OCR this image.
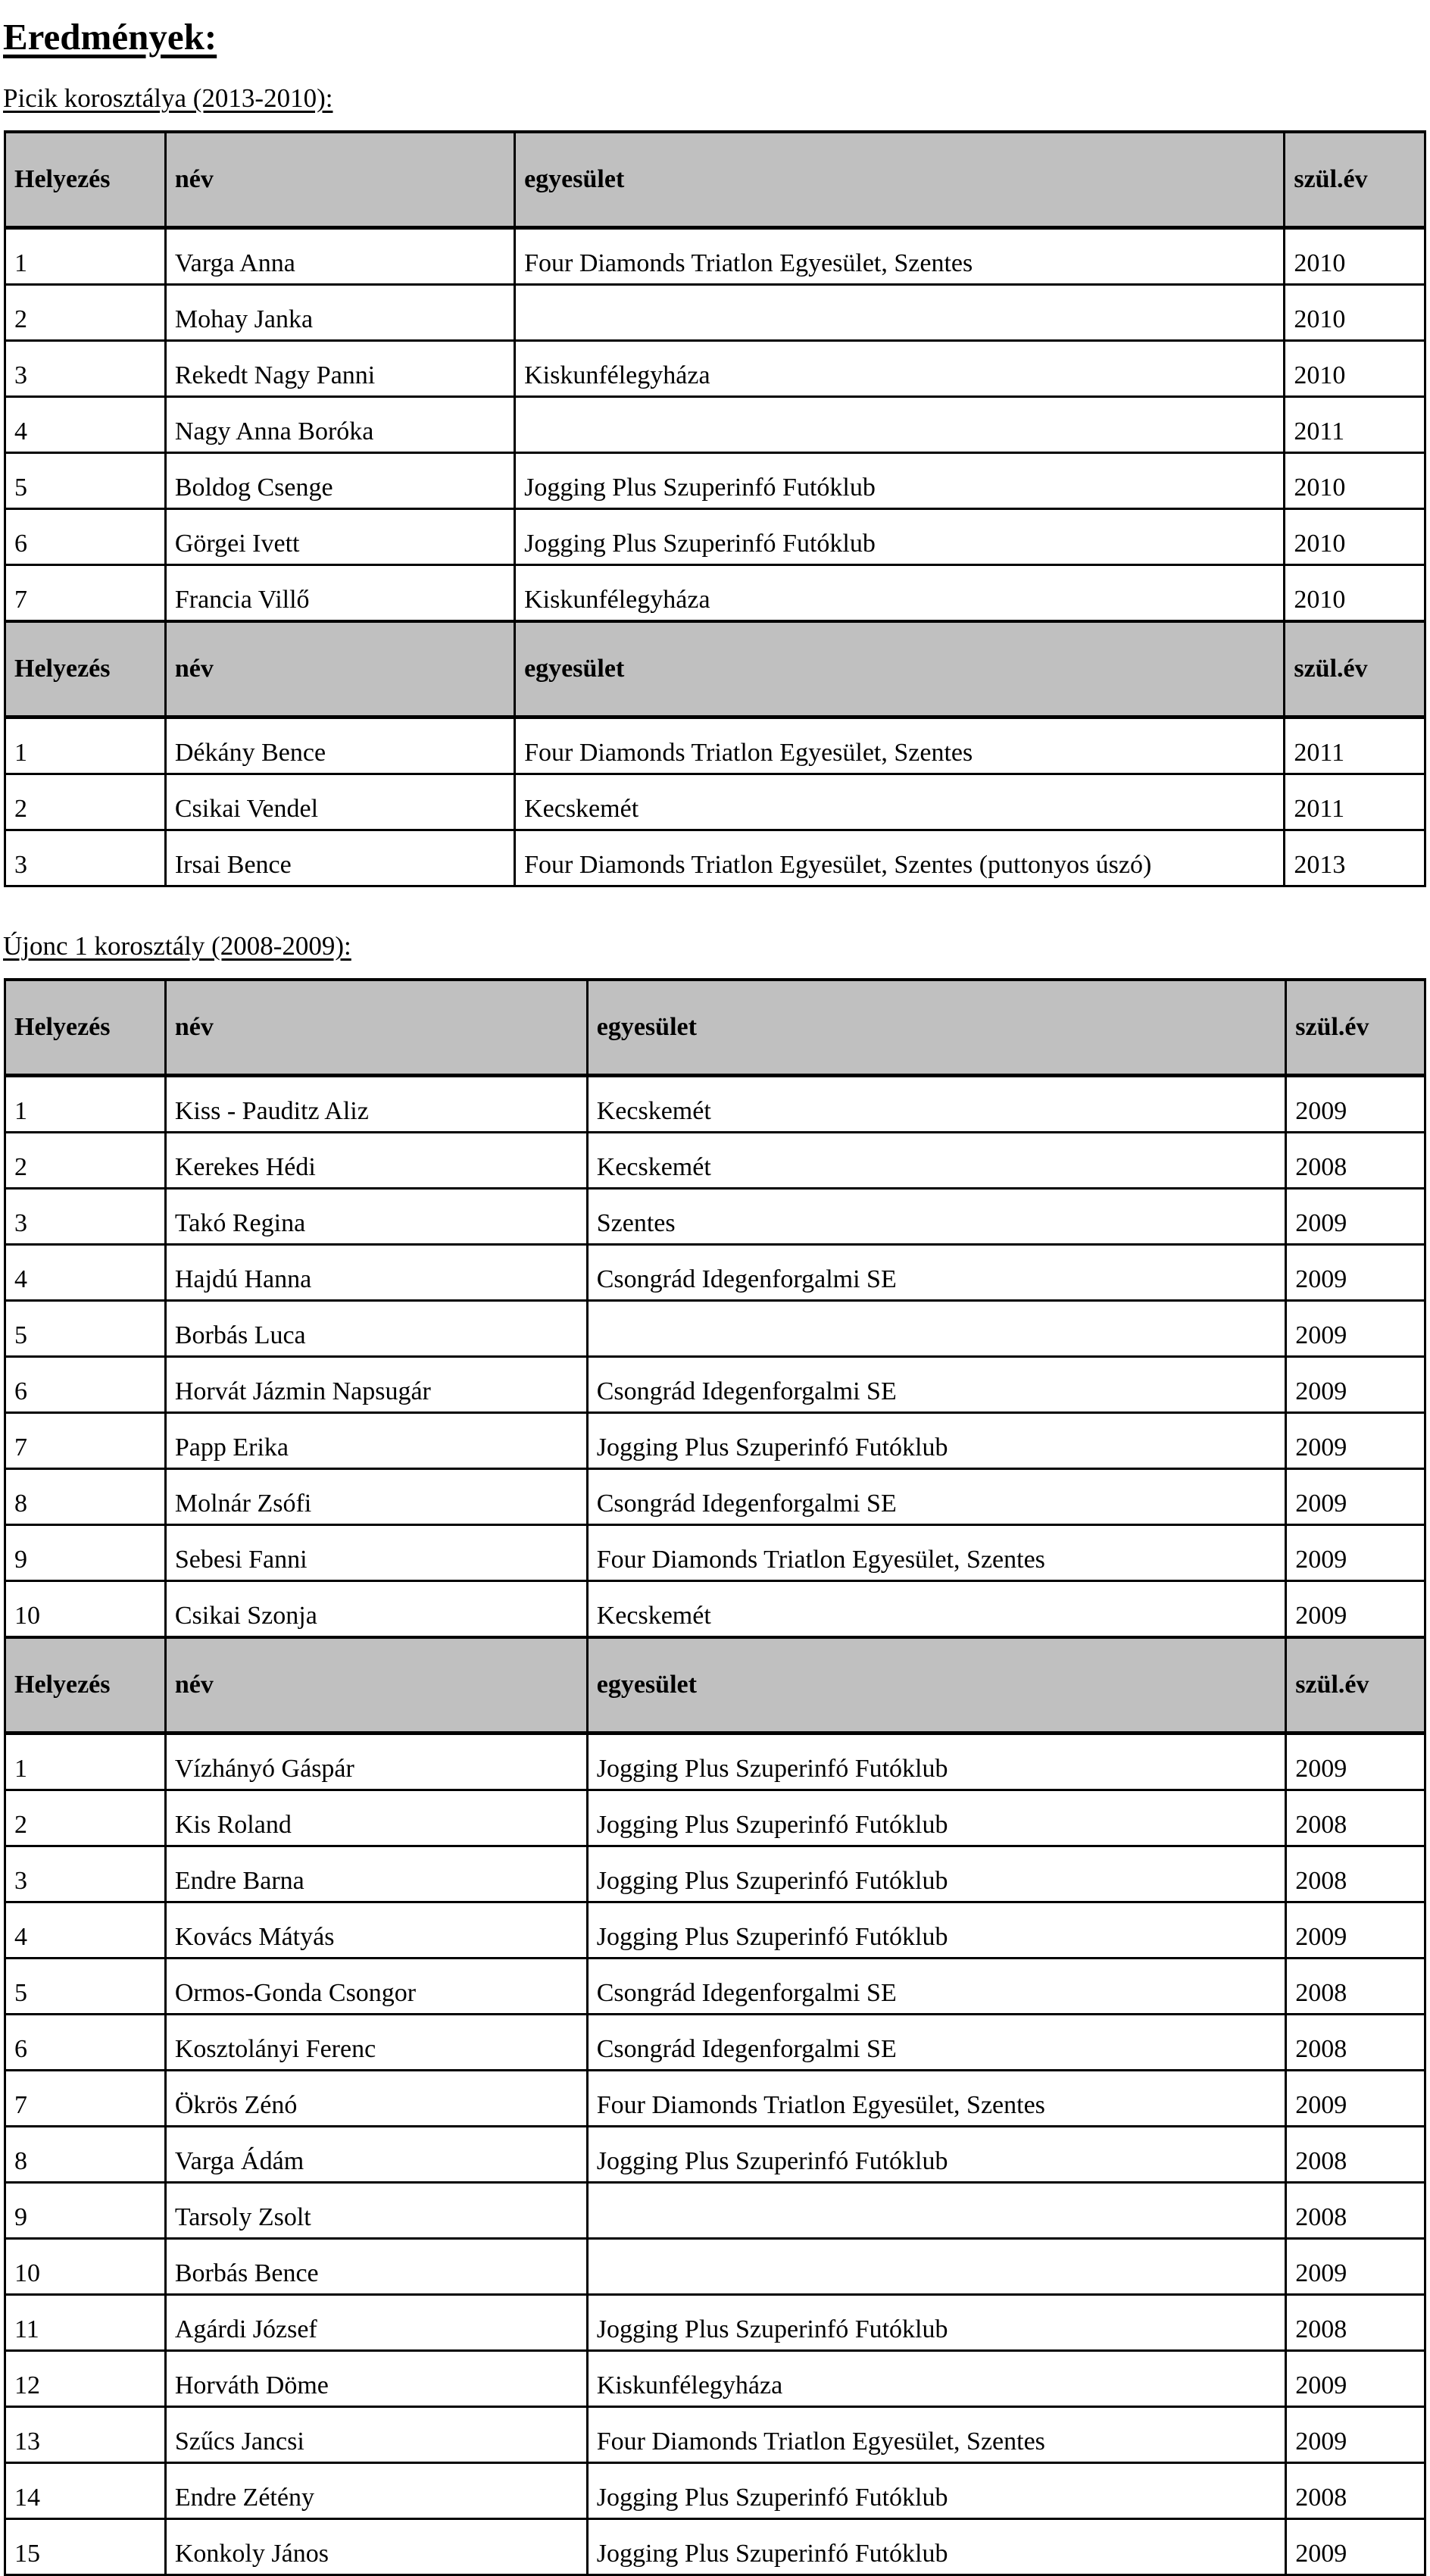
Eredmények:
Picik korosztálya (2013-2010):
Helyezés	név	egyesület	szül.év
1	Varga Anna	Four Diamonds Triatlon Egyesület, Szentes	2010
2	Mohay Janka		2010
3	Rekedt Nagy Panni	Kiskunfélegyháza	2010
4	Nagy Anna Boróka		2011
5	Boldog Csenge	Jogging Plus Szuperinfó Futóklub	2010
6	Görgei Ivett	Jogging Plus Szuperinfó Futóklub	2010
7	Francia Villő	Kiskunfélegyháza	2010
Helyezés	név	egyesület	szül.év
1	Dékány Bence	Four Diamonds Triatlon Egyesület, Szentes	2011
2	Csikai Vendel	Kecskemét	2011
3	Irsai Bence	Four Diamonds Triatlon Egyesület, Szentes (puttonyos úszó)	2013
Újonc 1 korosztály (2008-2009):
Helyezés	név	egyesület	szül.év
1	Kiss - Pauditz Aliz	Kecskemét	2009
2	Kerekes Hédi	Kecskemét	2008
3	Takó Regina	Szentes	2009
4	Hajdú Hanna	Csongrád Idegenforgalmi SE	2009
5	Borbás Luca		2009
6	Horvát Jázmin Napsugár	Csongrád Idegenforgalmi SE	2009
7	Papp Erika	Jogging Plus Szuperinfó Futóklub	2009
8	Molnár Zsófi	Csongrád Idegenforgalmi SE	2009
9	Sebesi Fanni	Four Diamonds Triatlon Egyesület, Szentes	2009
10	Csikai Szonja	Kecskemét	2009
Helyezés	név	egyesület	szül.év
1	Vízhányó Gáspár	Jogging Plus Szuperinfó Futóklub	2009
2	Kis Roland	Jogging Plus Szuperinfó Futóklub	2008
3	Endre Barna	Jogging Plus Szuperinfó Futóklub	2008
4	Kovács Mátyás	Jogging Plus Szuperinfó Futóklub	2009
5	Ormos-Gonda Csongor	Csongrád Idegenforgalmi SE	2008
6	Kosztolányi Ferenc	Csongrád Idegenforgalmi SE	2008
7	Ökrös Zénó	Four Diamonds Triatlon Egyesület, Szentes	2009
8	Varga Ádám	Jogging Plus Szuperinfó Futóklub	2008
9	Tarsoly Zsolt		2008
10	Borbás Bence		2009
11	Agárdi József	Jogging Plus Szuperinfó Futóklub	2008
12	Horváth Döme	Kiskunfélegyháza	2009
13	Szűcs Jancsi	Four Diamonds Triatlon Egyesület, Szentes	2009
14	Endre Zétény	Jogging Plus Szuperinfó Futóklub	2008
15	Konkoly János	Jogging Plus Szuperinfó Futóklub	2009
